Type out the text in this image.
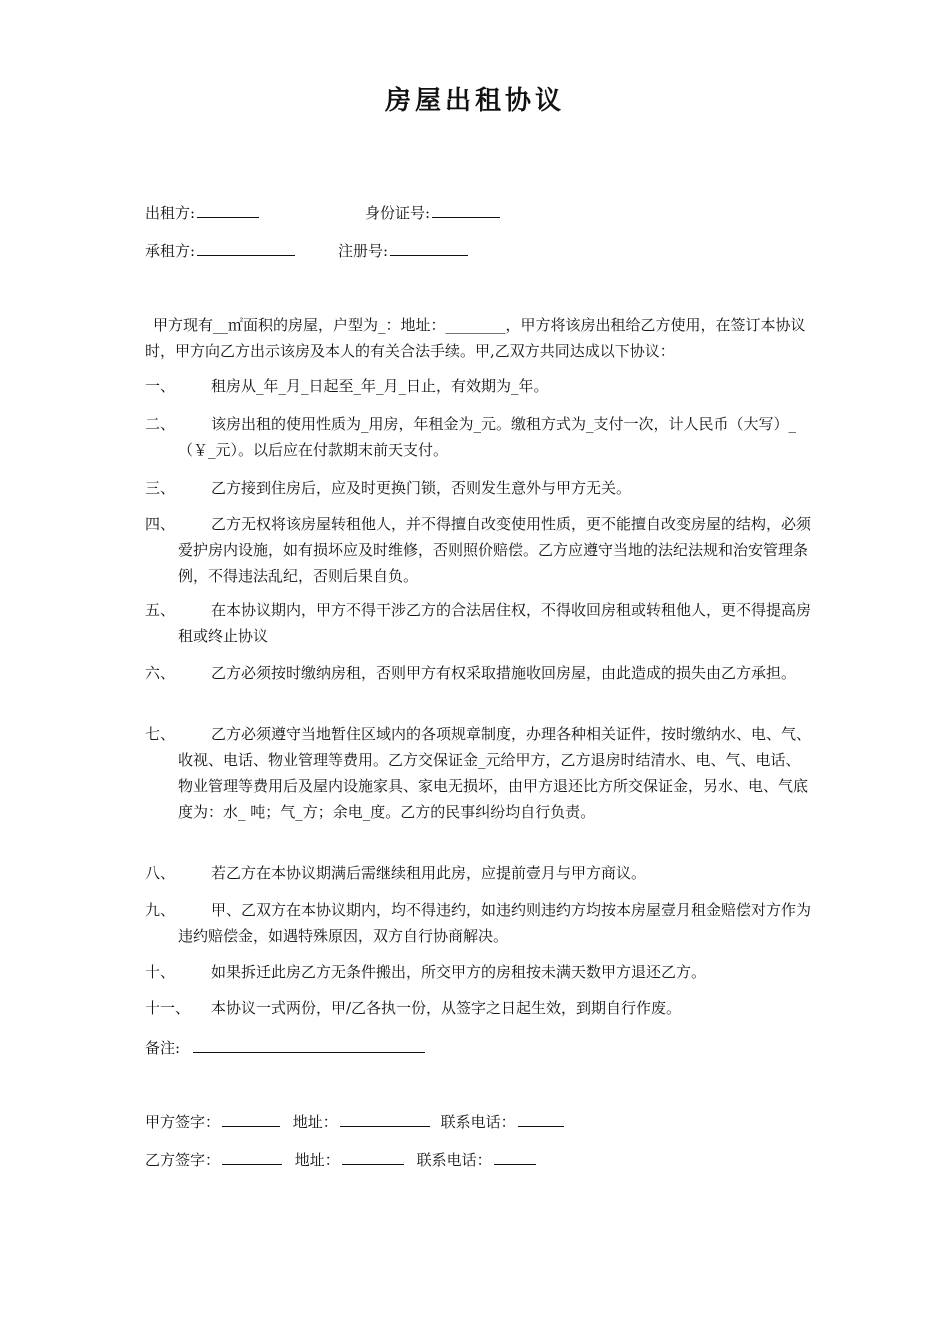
房屋出租协议
出租方:	身份证号:
承租方:	注册号:
甲方现有__㎡面积的房屋，户型为_：地址：________，甲方将该房出租给乙方使用，在签订本协议时，甲方向乙方出示该房及本人的有关合法手续。甲,乙双方共同达成以下协议：
一、	租房从_年_月_日起至_年_月_日止，有效期为_年。
二、	该房出租的使用性质为_用房，年租金为_元。缴租方式为_支付一次，计人民币（大写）_（￥_元）。以后应在付款期末前天支付。
三、	乙方接到住房后，应及时更换门锁，否则发生意外与甲方无关。
四、	乙方无权将该房屋转租他人，并不得擅自改变使用性质，更不能擅自改变房屋的结构，必须爱护房内设施，如有损坏应及时维修，否则照价赔偿。乙方应遵守当地的法纪法规和治安管理条例，不得违法乱纪，否则后果自负。
五、	在本协议期内，甲方不得干涉乙方的合法居住权，不得收回房租或转租他人，更不得提高房租或终止协议
六、	乙方必须按时缴纳房租，否则甲方有权采取措施收回房屋，由此造成的损失由乙方承担。
七、	乙方必须遵守当地暂住区域内的各项规章制度，办理各种相关证件，按时缴纳水、电、气、收视、电话、物业管理等费用。乙方交保证金_元给甲方，乙方退房时结清水、电、气、电话、物业管理等费用后及屋内设施家具、家电无损坏，由甲方退还比方所交保证金，另水、电、气底度为：水_ 吨；气_方；余电_度。乙方的民事纠纷均自行负责。
八、	若乙方在本协议期满后需继续租用此房，应提前壹月与甲方商议。
九、	甲、乙双方在本协议期内，均不得违约，如违约则违约方均按本房屋壹月租金赔偿对方作为违约赔偿金，如遇特殊原因，双方自行协商解决。
十、	如果拆迁此房乙方无条件搬出，所交甲方的房租按未满天数甲方退还乙方。
十一、	本协议一式两份，甲/乙各执一份，从签字之日起生效，到期自行作废。
备注:
甲方签字：	地址：	联系电话：
乙方签字：	地址：	联系电话：
